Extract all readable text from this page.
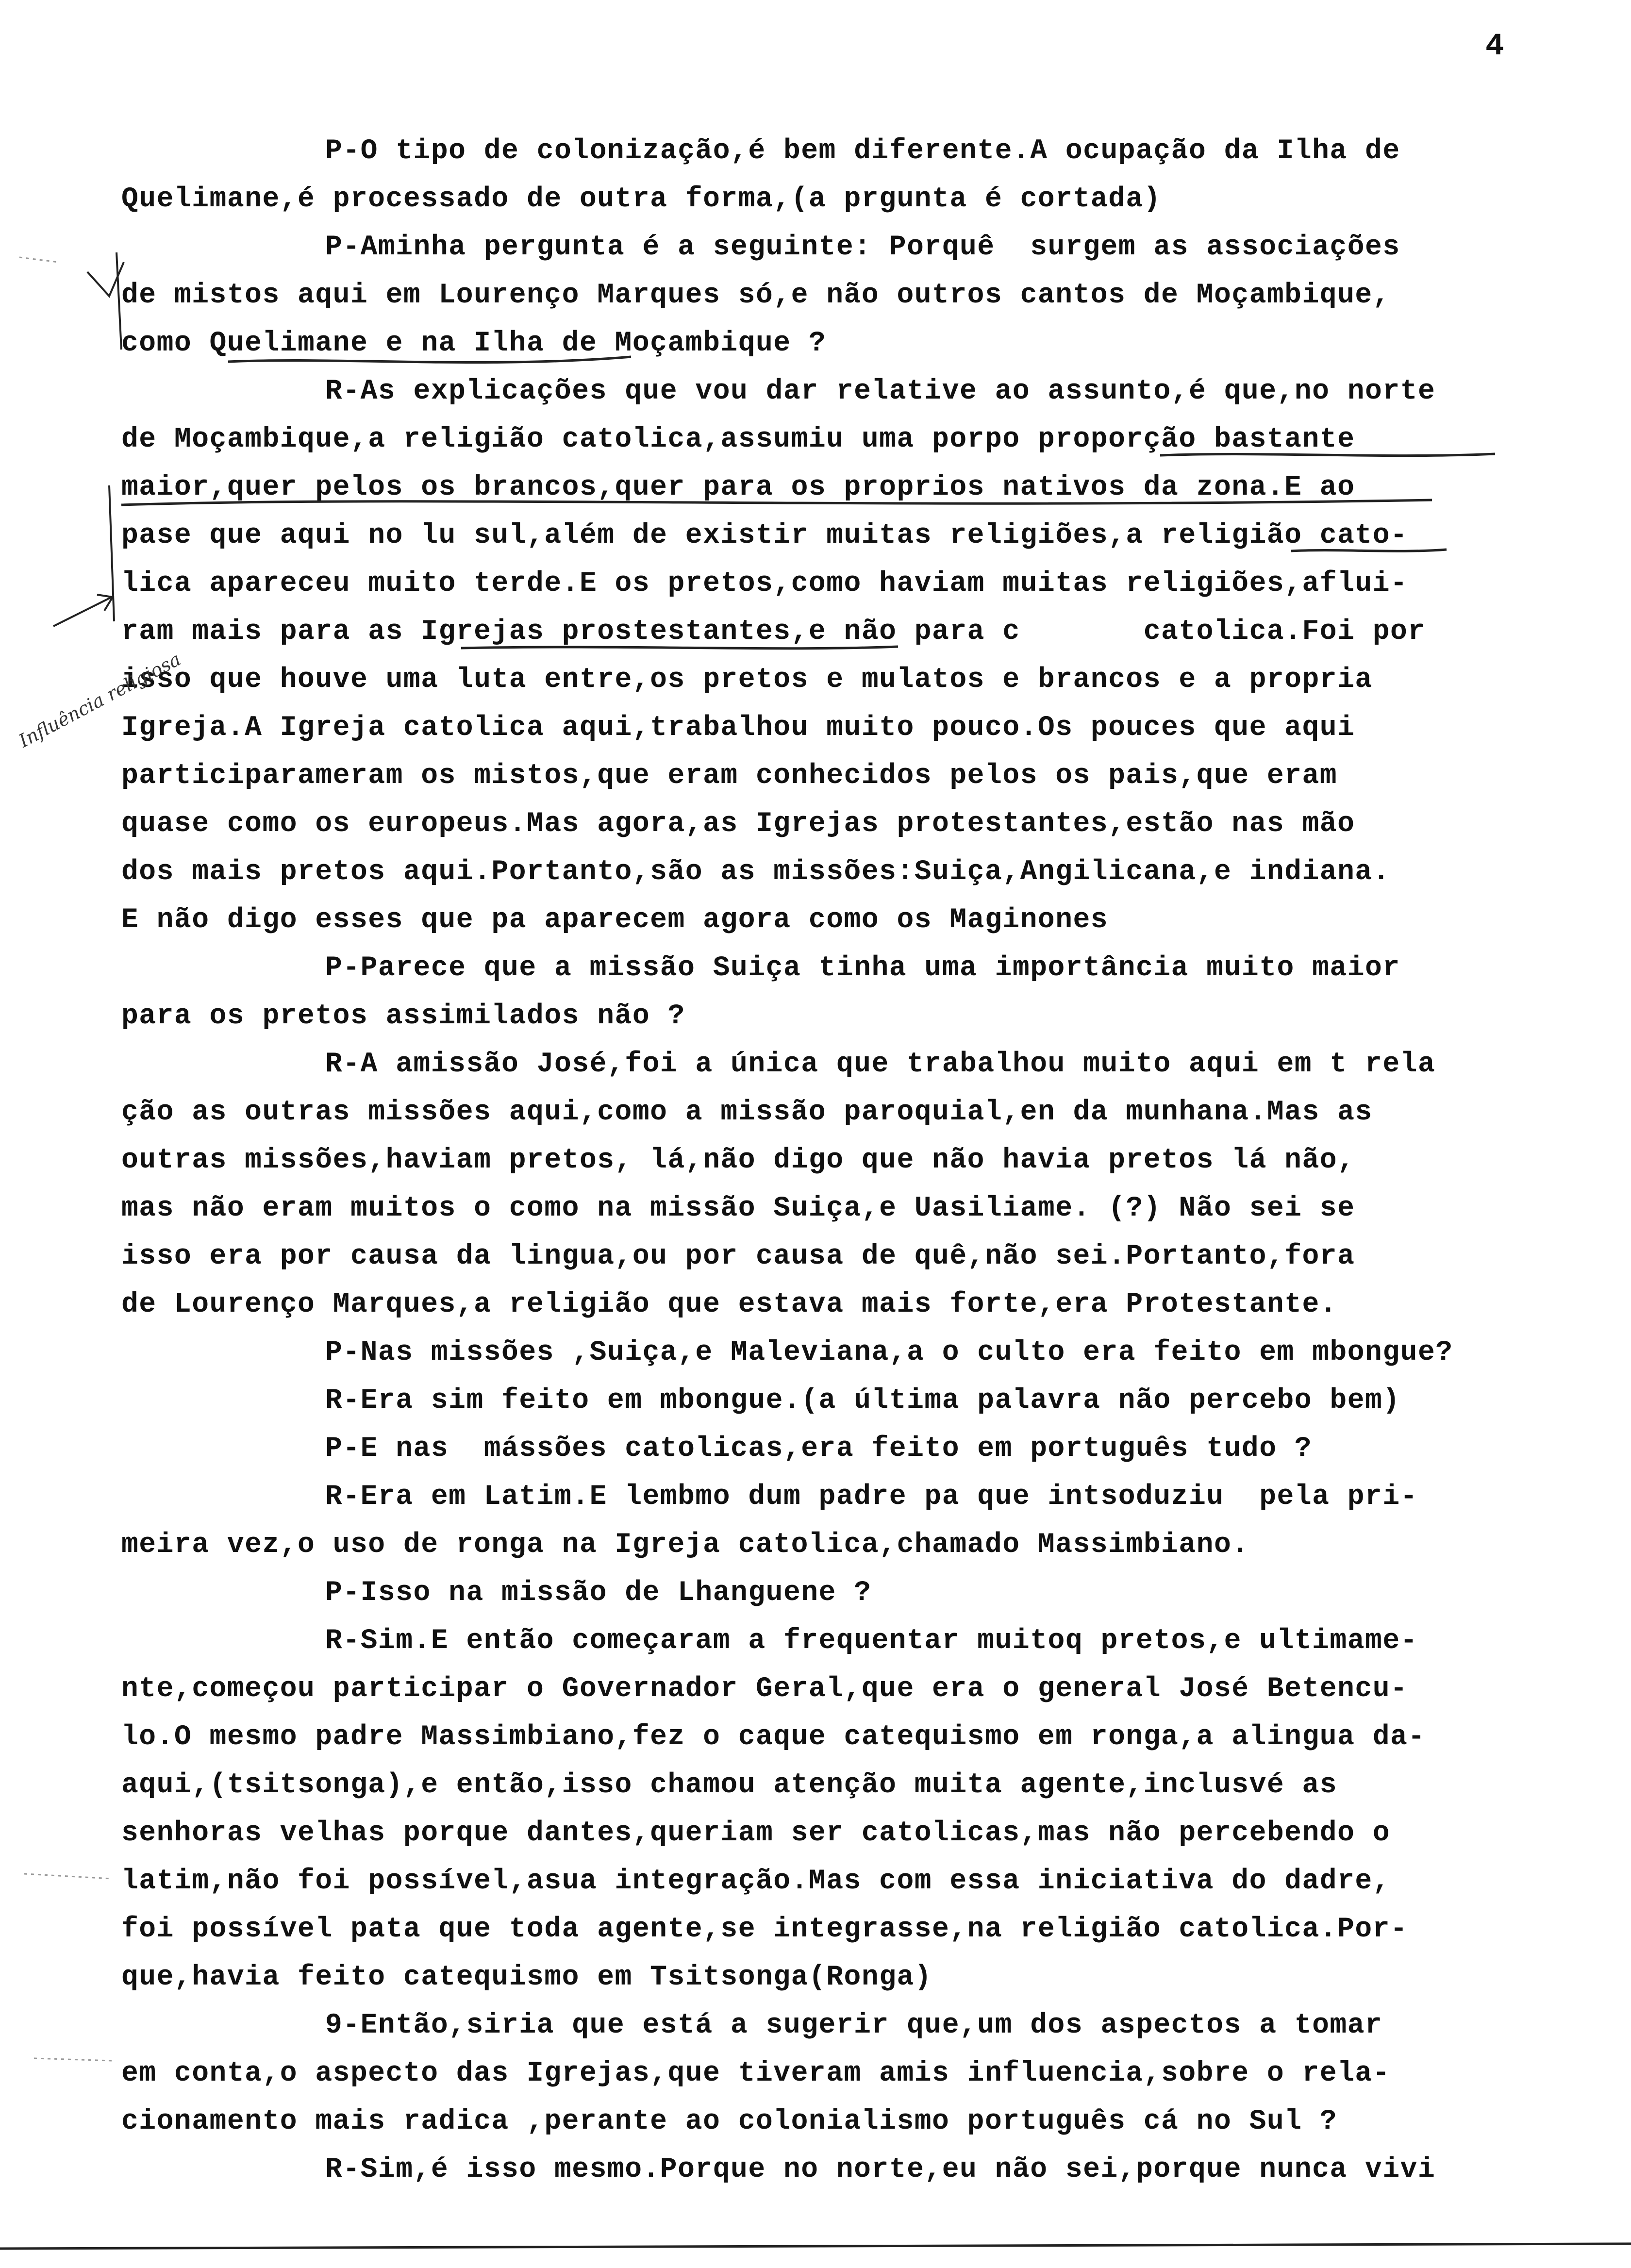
4
P-O tipo de colonização,é bem diferente.A ocupação da Ilha de
Quelimane,é processado de outra forma,(a prgunta é cortada)
P-Aminha pergunta é a seguinte: Porquê  surgem as associações
de mistos aqui em Lourenço Marques só,e não outros cantos de Moçambique,
como Quelimane e na Ilha de Moçambique ?
R-As explicações que vou dar relative ao assunto,é que,no norte
de Moçambique,a religião catolica,assumiu uma porpo proporção bastante
maior,quer pelos os brancos,quer para os proprios nativos da zona.E ao
pase que aqui no lu sul,além de existir muitas religiões,a religião cato-
lica apareceu muito terde.E os pretos,como haviam muitas religiões,aflui-
ram mais para as Igrejas prostestantes,e não para c       catolica.Foi por
isso que houve uma luta entre,os pretos e mulatos e brancos e a propria
Igreja.A Igreja catolica aqui,trabalhou muito pouco.Os pouces que aqui
participarameram os mistos,que eram conhecidos pelos os pais,que eram
quase como os europeus.Mas agora,as Igrejas protestantes,estão nas mão
dos mais pretos aqui.Portanto,são as missões:Suiça,Angilicana,e indiana.
E não digo esses que pa aparecem agora como os Maginones
P-Parece que a missão Suiça tinha uma importância muito maior
para os pretos assimilados não ?
R-A amissão José,foi a única que trabalhou muito aqui em t rela
ção as outras missões aqui,como a missão paroquial,en da munhana.Mas as
outras missões,haviam pretos, lá,não digo que não havia pretos lá não,
mas não eram muitos o como na missão Suiça,e Uasiliame. (?) Não sei se
isso era por causa da lingua,ou por causa de quê,não sei.Portanto,fora
de Lourenço Marques,a religião que estava mais forte,era Protestante.
P-Nas missões ,Suiça,e Maleviana,a o culto era feito em mbongue?
R-Era sim feito em mbongue.(a última palavra não percebo bem)
P-E nas  mássões catolicas,era feito em português tudo ?
R-Era em Latim.E lembmo dum padre pa que intsoduziu  pela pri-
meira vez,o uso de ronga na Igreja catolica,chamado Massimbiano.
P-Isso na missão de Lhanguene ?
R-Sim.E então começaram a frequentar muitoq pretos,e ultimame-
nte,começou participar o Governador Geral,que era o general José Betencu-
lo.O mesmo padre Massimbiano,fez o caque catequismo em ronga,a alingua da-
aqui,(tsitsonga),e então,isso chamou atenção muita agente,inclusvé as
senhoras velhas porque dantes,queriam ser catolicas,mas não percebendo o
latim,não foi possível,asua integração.Mas com essa iniciativa do dadre,
foi possível pata que toda agente,se integrasse,na religião catolica.Por-
que,havia feito catequismo em Tsitsonga(Ronga)
9-Então,siria que está a sugerir que,um dos aspectos a tomar
em conta,o aspecto das Igrejas,que tiveram amis influencia,sobre o rela-
cionamento mais radica ,perante ao colonialismo português cá no Sul ?
R-Sim,é isso mesmo.Porque no norte,eu não sei,porque nunca vivi
Influência religiosa
